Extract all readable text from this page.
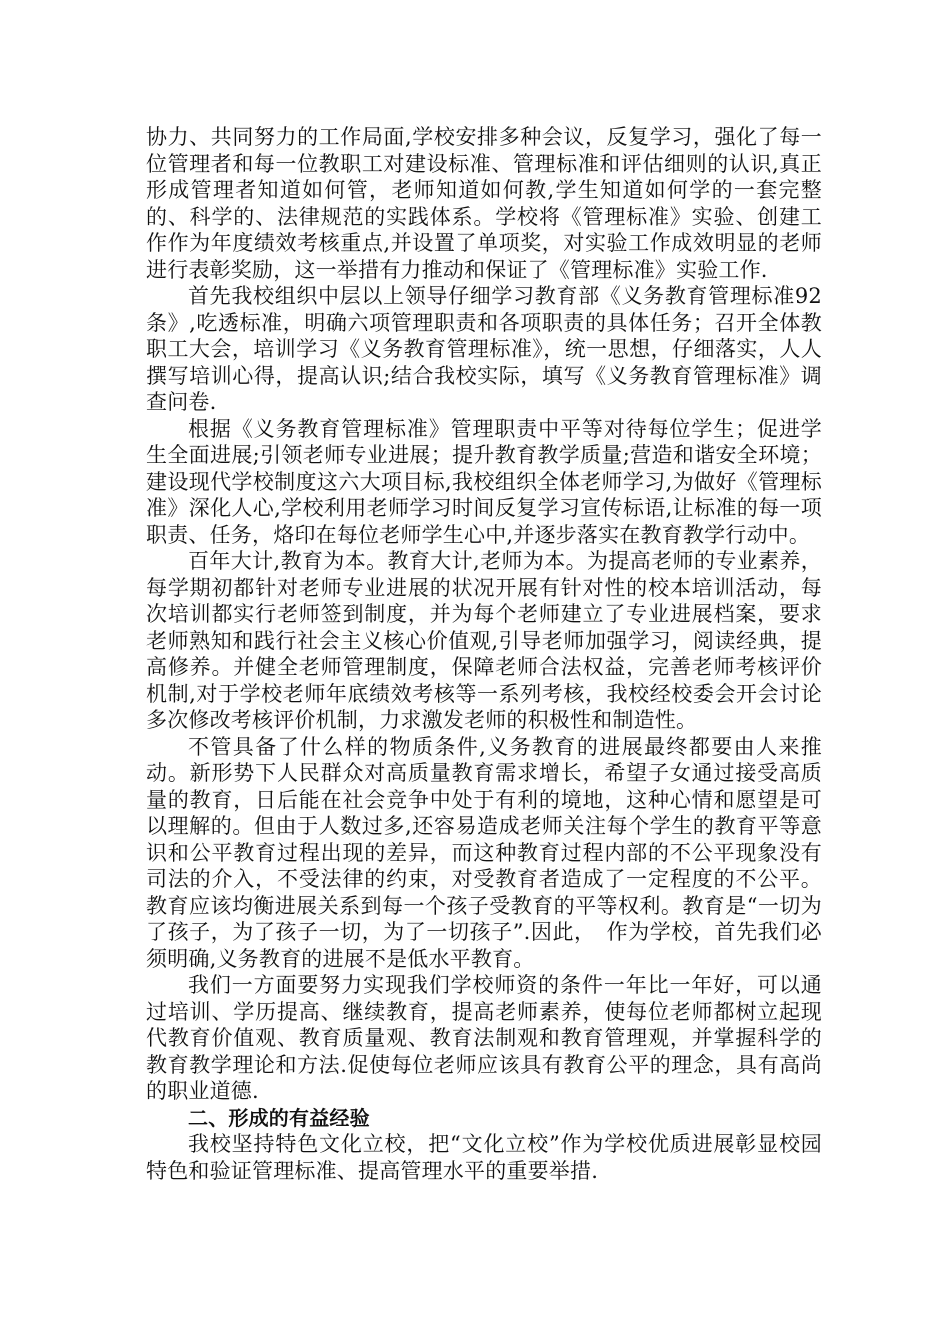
协力、共同努力的工作局面,学校安排多种会议，反复学习，强化了每一位管理者和每一位教职工对建设标准、管理标准和评估细则的认识,真正形成管理者知道如何管，老师知道如何教,学生知道如何学的一套完整的、科学的、法律规范的实践体系。学校将《管理标准》实验、创建工作作为年度绩效考核重点,并设置了单项奖，对实验工作成效明显的老师进行表彰奖励，这一举措有力推动和保证了《管理标准》实验工作.

首先我校组织中层以上领导仔细学习教育部《义务教育管理标准92条》,吃透标准，明确六项管理职责和各项职责的具体任务；召开全体教职工大会，培训学习《义务教育管理标准》，统一思想，仔细落实，人人撰写培训心得，提高认识;结合我校实际，填写《义务教育管理标准》调查问卷.

根据《义务教育管理标准》管理职责中平等对待每位学生；促进学生全面进展;引领老师专业进展；提升教育教学质量;营造和谐安全环境；建设现代学校制度这六大项目标,我校组织全体老师学习,为做好《管理标准》深化人心,学校利用老师学习时间反复学习宣传标语,让标准的每一项职责、任务，烙印在每位老师学生心中,并逐步落实在教育教学行动中。

百年大计,教育为本。教育大计,老师为本。为提高老师的专业素养，每学期初都针对老师专业进展的状况开展有针对性的校本培训活动，每次培训都实行老师签到制度，并为每个老师建立了专业进展档案，要求老师熟知和践行社会主义核心价值观,引导老师加强学习，阅读经典，提高修养。并健全老师管理制度，保障老师合法权益，完善老师考核评价机制,对于学校老师年底绩效考核等一系列考核，我校经校委会开会讨论多次修改考核评价机制，力求激发老师的积极性和制造性。

不管具备了什么样的物质条件,义务教育的进展最终都要由人来推动。新形势下人民群众对高质量教育需求增长，希望子女通过接受高质量的教育，日后能在社会竞争中处于有利的境地，这种心情和愿望是可以理解的。但由于人数过多,还容易造成老师关注每个学生的教育平等意识和公平教育过程出现的差异，而这种教育过程内部的不公平现象没有司法的介入，不受法律的约束，对受教育者造成了一定程度的不公平。教育应该均衡进展关系到每一个孩子受教育的平等权利。教育是“一切为了孩子，为了孩子一切，为了一切孩子”.因此，　作为学校，首先我们必须明确,义务教育的进展不是低水平教育。

我们一方面要努力实现我们学校师资的条件一年比一年好，可以通过培训、学历提高、继续教育，提高老师素养，使每位老师都树立起现代教育价值观、教育质量观、教育法制观和教育管理观，并掌握科学的教育教学理论和方法.促使每位老师应该具有教育公平的理念，具有高尚的职业道德.

二、形成的有益经验

我校坚持特色文化立校，把“文化立校”作为学校优质进展彰显校园特色和验证管理标准、提高管理水平的重要举措.
